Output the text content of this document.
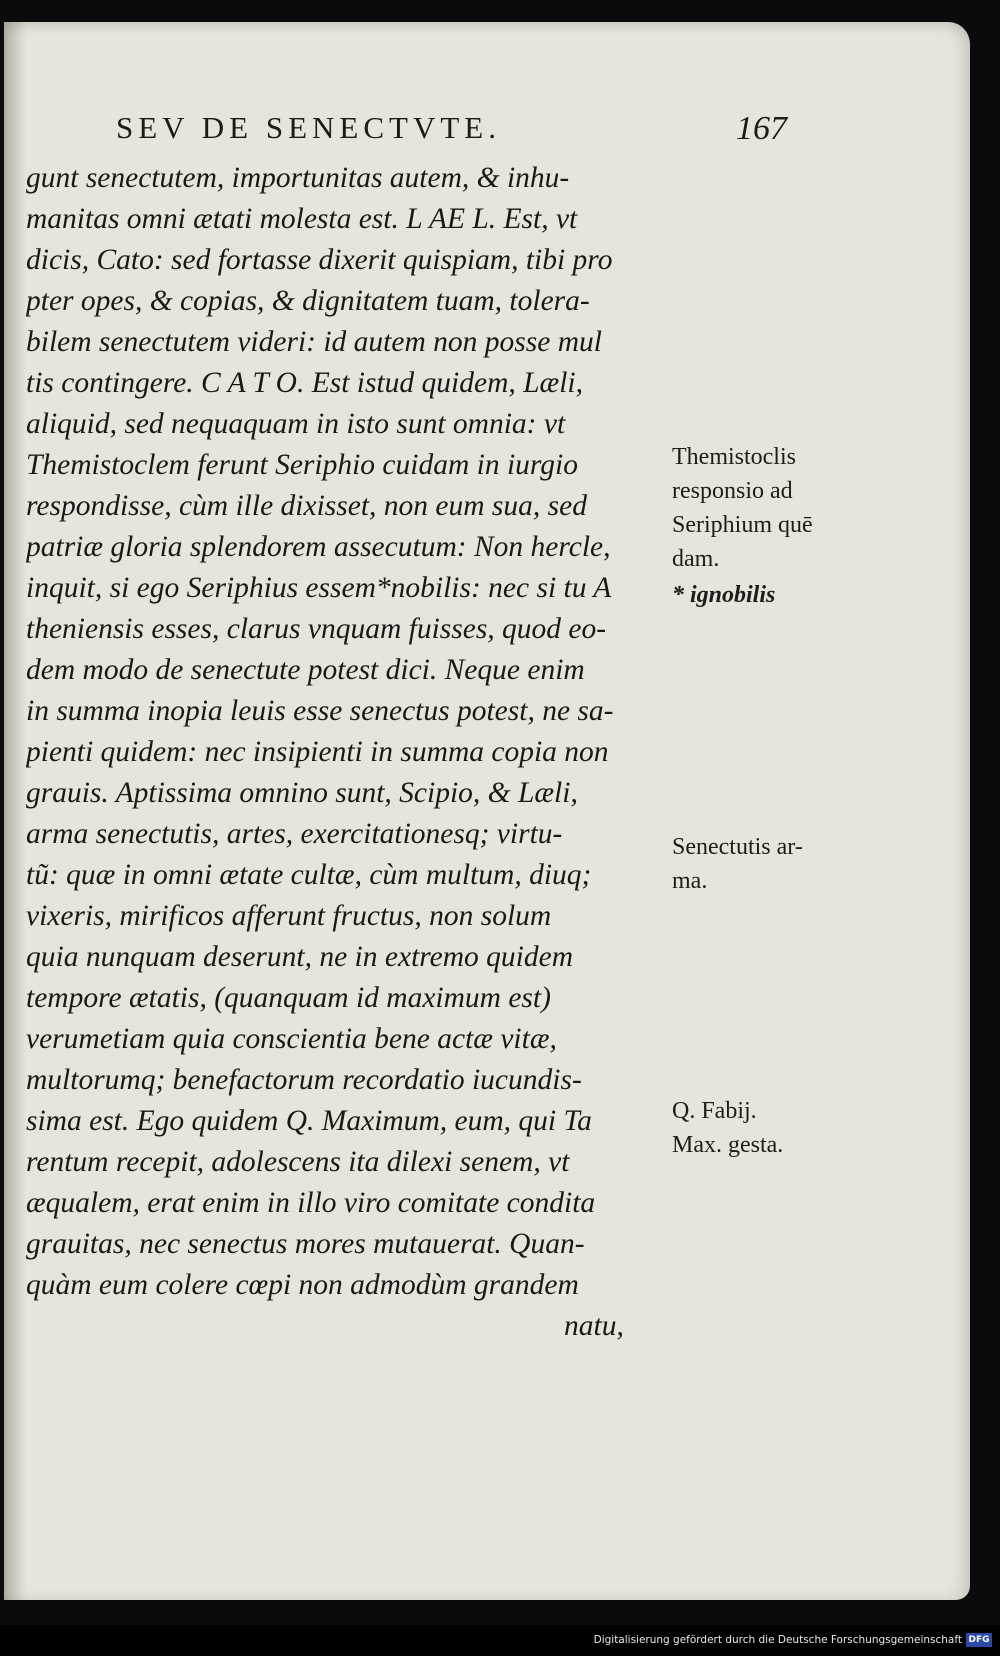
SEV DE SENECTVTE.	167
gunt senectutem, importunitas autem, & inhu-
manitas omni ætati molesta est. L AE L. Est, vt
dicis, Cato: sed fortasse dixerit quispiam, tibi pro
pter opes, & copias, & dignitatem tuam, tolera-
bilem senectutem videri: id autem non posse mul
tis contingere. C A T O. Est istud quidem, Læli,
aliquid, sed nequaquam in isto sunt omnia: vt
Themistoclem ferunt Seriphio cuidam in iurgio
respondisse, cùm ille dixisset, non eum sua, sed
patriæ gloria splendorem assecutum: Non hercle,
inquit, si ego Seriphius essem*nobilis: nec si tu A
theniensis esses, clarus vnquam fuisses, quod eo-
dem modo de senectute potest dici. Neque enim
in summa inopia leuis esse senectus potest, ne sa-
pienti quidem: nec insipienti in summa copia non
grauis. Aptissima omnino sunt, Scipio, & Læli,
arma senectutis, artes, exercitationesq; virtu-
tũ: quæ in omni ætate cultæ, cùm multum, diuq;
vixeris, mirificos afferunt fructus, non solum
quia nunquam deserunt, ne in extremo quidem
tempore ætatis, (quanquam id maximum est)
verumetiam quia conscientia bene actæ vitæ,
multorumq; benefactorum recordatio iucundis-
sima est. Ego quidem Q. Maximum, eum, qui Ta
rentum recepit, adolescens ita dilexi senem, vt
æqualem, erat enim in illo viro comitate condita
grauitas, nec senectus mores mutauerat. Quan-
quàm eum colere cœpi non admodùm grandem
natu,
Themistoclis
responsio ad
Seriphium quē
dam.
* ignobilis
Senectutis ar-
ma.
Q. Fabij.
Max. gesta.
Digitalisierung gefördert durch die Deutsche Forschungsgemeinschaft DFG
